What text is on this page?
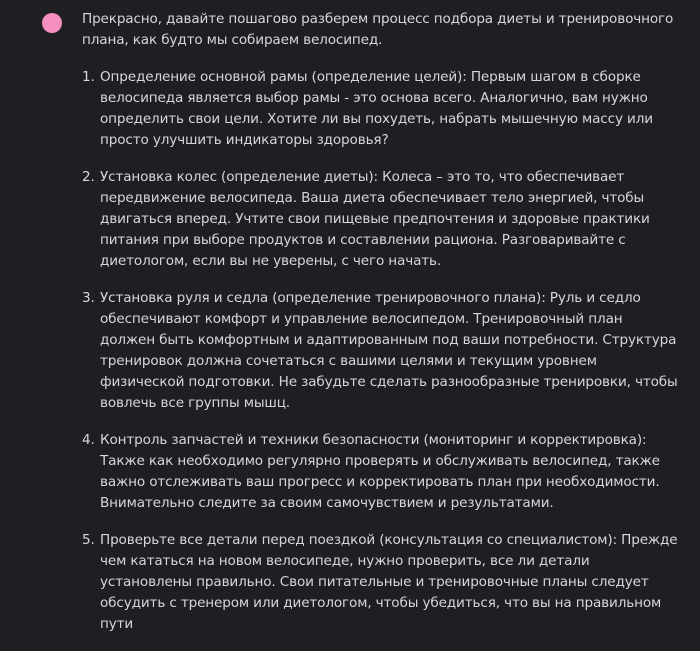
Прекрасно, давайте пошагово разберем процесс подбора диеты и тренировочного плана, как будто мы собираем велосипед.

1. Определение основной рамы (определение целей): Первым шагом в сборке велосипеда является выбор рамы - это основа всего. Аналогично, вам нужно определить свои цели. Хотите ли вы похудеть, набрать мышечную массу или просто улучшить индикаторы здоровья?
2. Установка колес (определение диеты): Колеса – это то, что обеспечивает передвижение велосипеда. Ваша диета обеспечивает тело энергией, чтобы двигаться вперед. Учтите свои пищевые предпочтения и здоровые практики питания при выборе продуктов и составлении рациона. Разговаривайте с диетологом, если вы не уверены, с чего начать.
3. Установка руля и седла (определение тренировочного плана): Руль и седло обеспечивают комфорт и управление велосипедом. Тренировочный план должен быть комфортным и адаптированным под ваши потребности. Структура тренировок должна сочетаться с вашими целями и текущим уровнем физической подготовки. Не забудьте сделать разнообразные тренировки, чтобы вовлечь все группы мышц.
4. Контроль запчастей и техники безопасности (мониторинг и корректировка): Также как необходимо регулярно проверять и обслуживать велосипед, также важно отслеживать ваш прогресс и корректировать план при необходимости. Внимательно следите за своим самочувствием и результатами.
5. Проверьте все детали перед поездкой (консультация со специалистом): Прежде чем кататься на новом велосипеде, нужно проверить, все ли детали установлены правильно. Свои питательные и тренировочные планы следует обсудить с тренером или диетологом, чтобы убедиться, что вы на правильном пути
